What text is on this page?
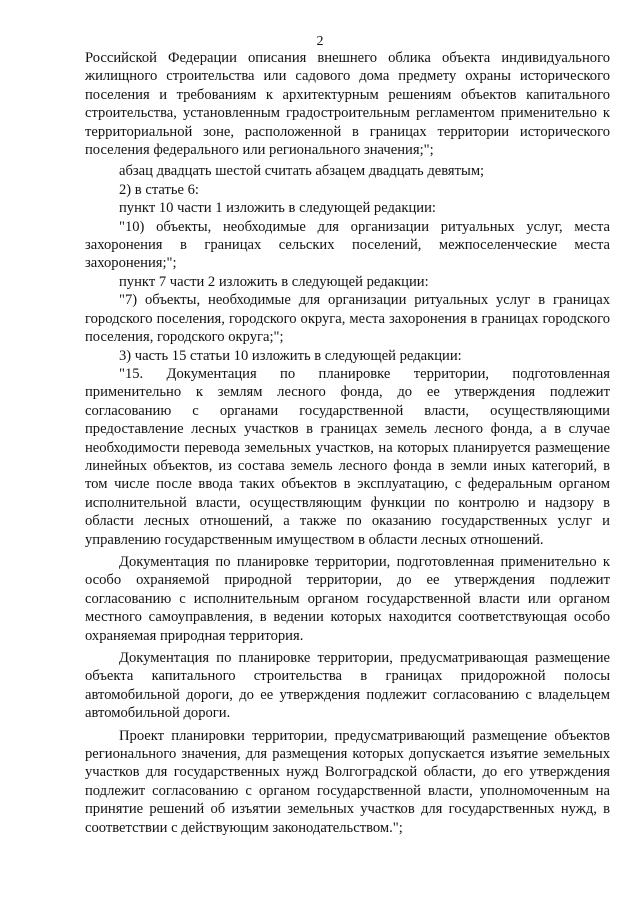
2

Российской Федерации описания внешнего облика объекта индивидуального жилищного строительства или садового дома предмету охраны исторического поселения и требованиям к архитектурным решениям объектов капитального строительства, установленным градостроительным регламентом применительно к территориальной зоне, расположенной в границах территории исторического поселения федерального или регионального значения;";

абзац двадцать шестой считать абзацем двадцать девятым;

2) в статье 6:

пункт 10 части 1 изложить в следующей редакции:

"10) объекты, необходимые для организации ритуальных услуг, места захоронения в границах сельских поселений, межпоселенческие места захоронения;";

пункт 7 части 2 изложить в следующей редакции:

"7) объекты, необходимые для организации ритуальных услуг в границах городского поселения, городского округа, места захоронения в границах городского поселения, городского округа;";

3) часть 15 статьи 10 изложить в следующей редакции:

"15. Документация по планировке территории, подготовленная применительно к землям лесного фонда, до ее утверждения подлежит согласованию с органами государственной власти, осуществляющими предоставление лесных участков в границах земель лесного фонда, а в случае необходимости перевода земельных участков, на которых планируется размещение линейных объектов, из состава земель лесного фонда в земли иных категорий, в том числе после ввода таких объектов в эксплуатацию, с федеральным органом исполнительной власти, осуществляющим функции по контролю и надзору в области лесных отношений, а также по оказанию государственных услуг и управлению государственным имуществом в области лесных отношений.

Документация по планировке территории, подготовленная применительно к особо охраняемой природной территории, до ее утверждения подлежит согласованию с исполнительным органом государственной власти или органом местного самоуправления, в ведении которых находится соответствующая особо охраняемая природная территория.

Документация по планировке территории, предусматривающая размещение объекта капитального строительства в границах придорожной полосы автомобильной дороги, до ее утверждения подлежит согласованию с владельцем автомобильной дороги.

Проект планировки территории, предусматривающий размещение объектов регионального значения, для размещения которых допускается изъятие земельных участков для государственных нужд Волгоградской области, до его утверждения подлежит согласованию с органом государственной власти, уполномоченным на принятие решений об изъятии земельных участков для государственных нужд, в соответствии с действующим законодательством.";
